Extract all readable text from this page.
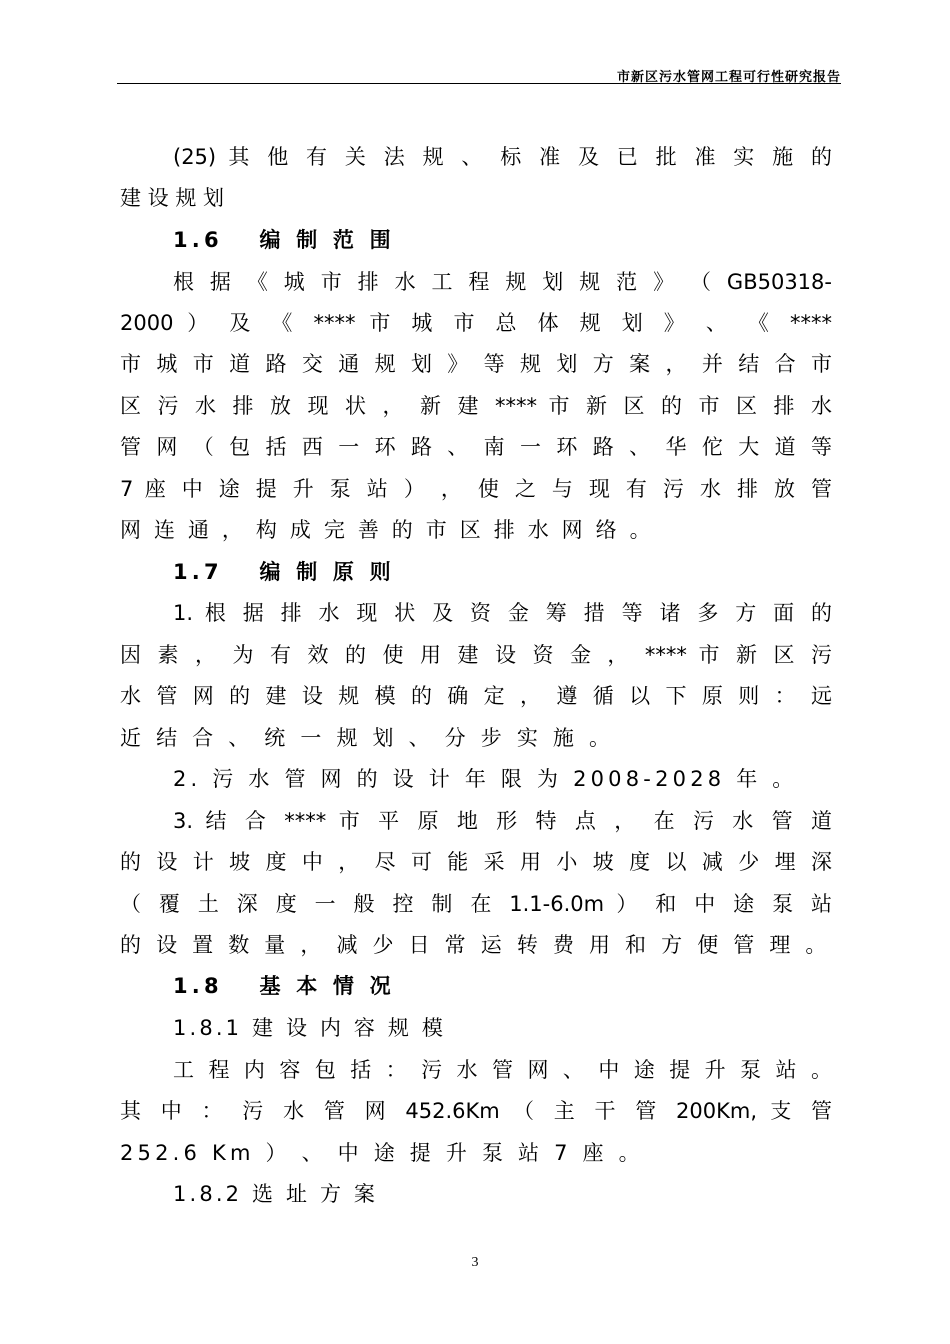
市新区污水管网工程可行性研究报告
(25) 其 他 有 关 法 规 、 标 准 及 已 批 准 实 施 的
建 设 规 划
1.6　 编 制 范 围
根 据 《 城 市 排 水 工 程 规 划 规 范 》 （ GB50318-
2000 ） 及 《 **** 市 城 市 总 体 规 划 》 、 《 ****
市 城 市 道 路 交 通 规 划 》 等 规 划 方 案 ， 并 结 合 市
区 污 水 排 放 现 状 ， 新 建 **** 市 新 区 的 市 区 排 水
管 网 （ 包 括 西 一 环 路 、 南 一 环 路 、 华 佗 大 道 等
7 座 中 途 提 升 泵 站 ） ， 使 之 与 现 有 污 水 排 放 管
网 连 通 ， 构 成 完 善 的 市 区 排 水 网 络 。
1.7　 编 制 原 则
1. 根 据 排 水 现 状 及 资 金 筹 措 等 诸 多 方 面 的
因 素 ， 为 有 效 的 使 用 建 设 资 金 ， **** 市 新 区 污
水 管 网 的 建 设 规 模 的 确 定 ， 遵 循 以 下 原 则 ： 远
近 结 合 、 统 一 规 划 、 分 步 实 施 。
2. 污 水 管 网 的 设 计 年 限 为 2008-2028 年 。
3. 结 合 **** 市 平 原 地 形 特 点 ， 在 污 水 管 道
的 设 计 坡 度 中 ， 尽 可 能 采 用 小 坡 度 以 减 少 埋 深
（ 覆 土 深 度 一 般 控 制 在 1.1-6.0m ） 和 中 途 泵 站
的 设 置 数 量 ， 减 少 日 常 运 转 费 用 和 方 便 管 理 。
1.8　 基 本 情 况
1.8.1 建 设 内 容 规 模
工 程 内 容 包 括 ： 污 水 管 网 、 中 途 提 升 泵 站 。
其 中 ： 污 水 管 网 452.6Km （ 主 干 管 200Km, 支 管
252.6 Km ） 、 中 途 提 升 泵 站 7 座 。
1.8.2 选 址 方 案
3
